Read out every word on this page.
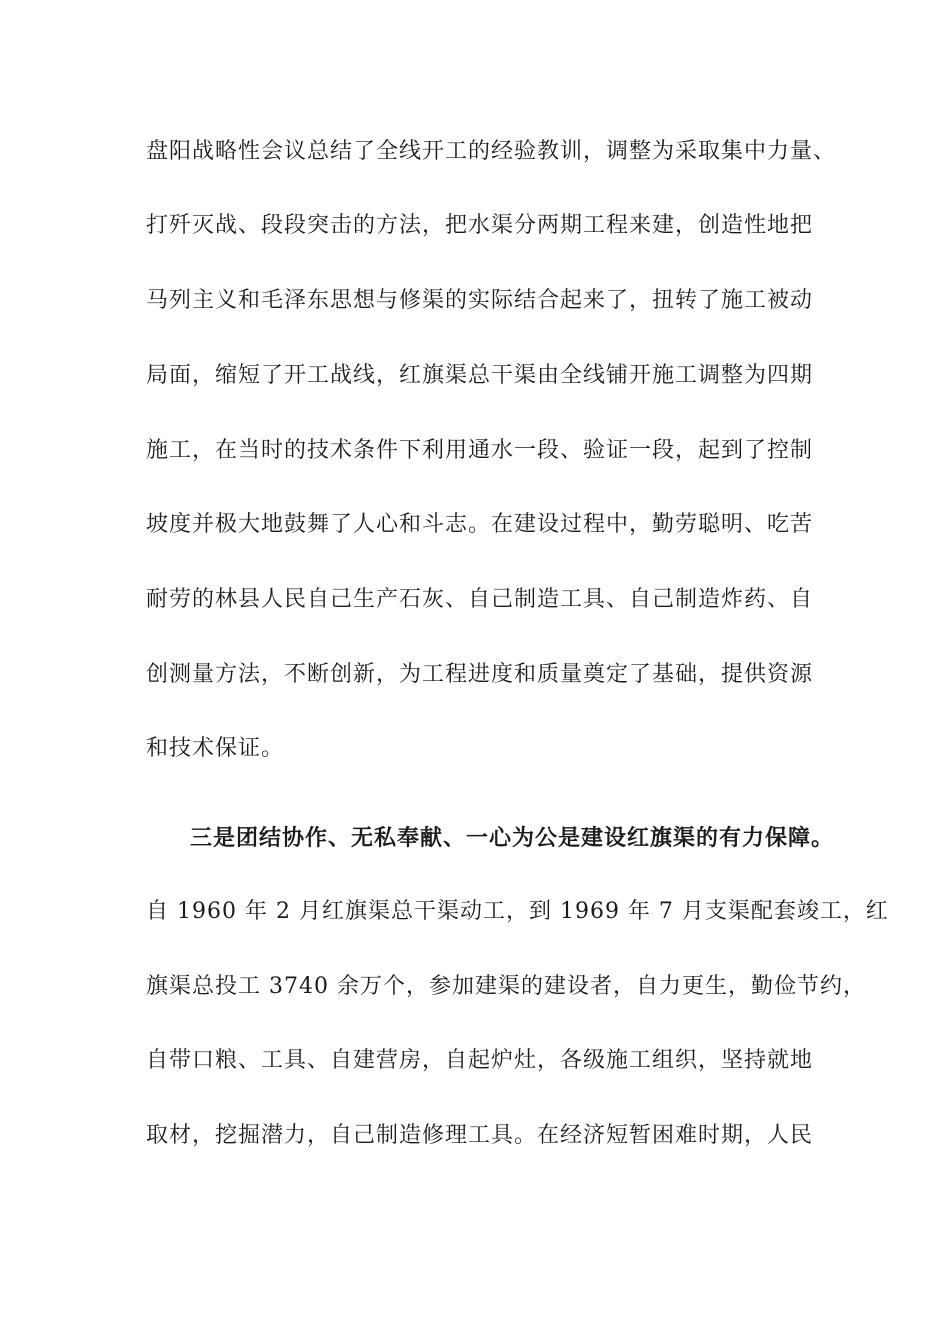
盘阳战略性会议总结了全线开工的经验教训，调整为采取集中力量、
打歼灭战、段段突击的方法，把水渠分两期工程来建，创造性地把
马列主义和毛泽东思想与修渠的实际结合起来了，扭转了施工被动
局面，缩短了开工战线，红旗渠总干渠由全线铺开施工调整为四期
施工，在当时的技术条件下利用通水一段、验证一段，起到了控制
坡度并极大地鼓舞了人心和斗志。在建设过程中，勤劳聪明、吃苦
耐劳的林县人民自己生产石灰、自己制造工具、自己制造炸药、自
创测量方法，不断创新，为工程进度和质量奠定了基础，提供资源
和技术保证。
三是团结协作、无私奉献、一心为公是建设红旗渠的有力保障。
自 1960 年 2 月红旗渠总干渠动工，到 1969 年 7 月支渠配套竣工，红
旗渠总投工 3740 余万个，参加建渠的建设者，自力更生，勤俭节约，
自带口粮、工具、自建营房，自起炉灶，各级施工组织，坚持就地
取材，挖掘潜力，自己制造修理工具。在经济短暂困难时期，人民
